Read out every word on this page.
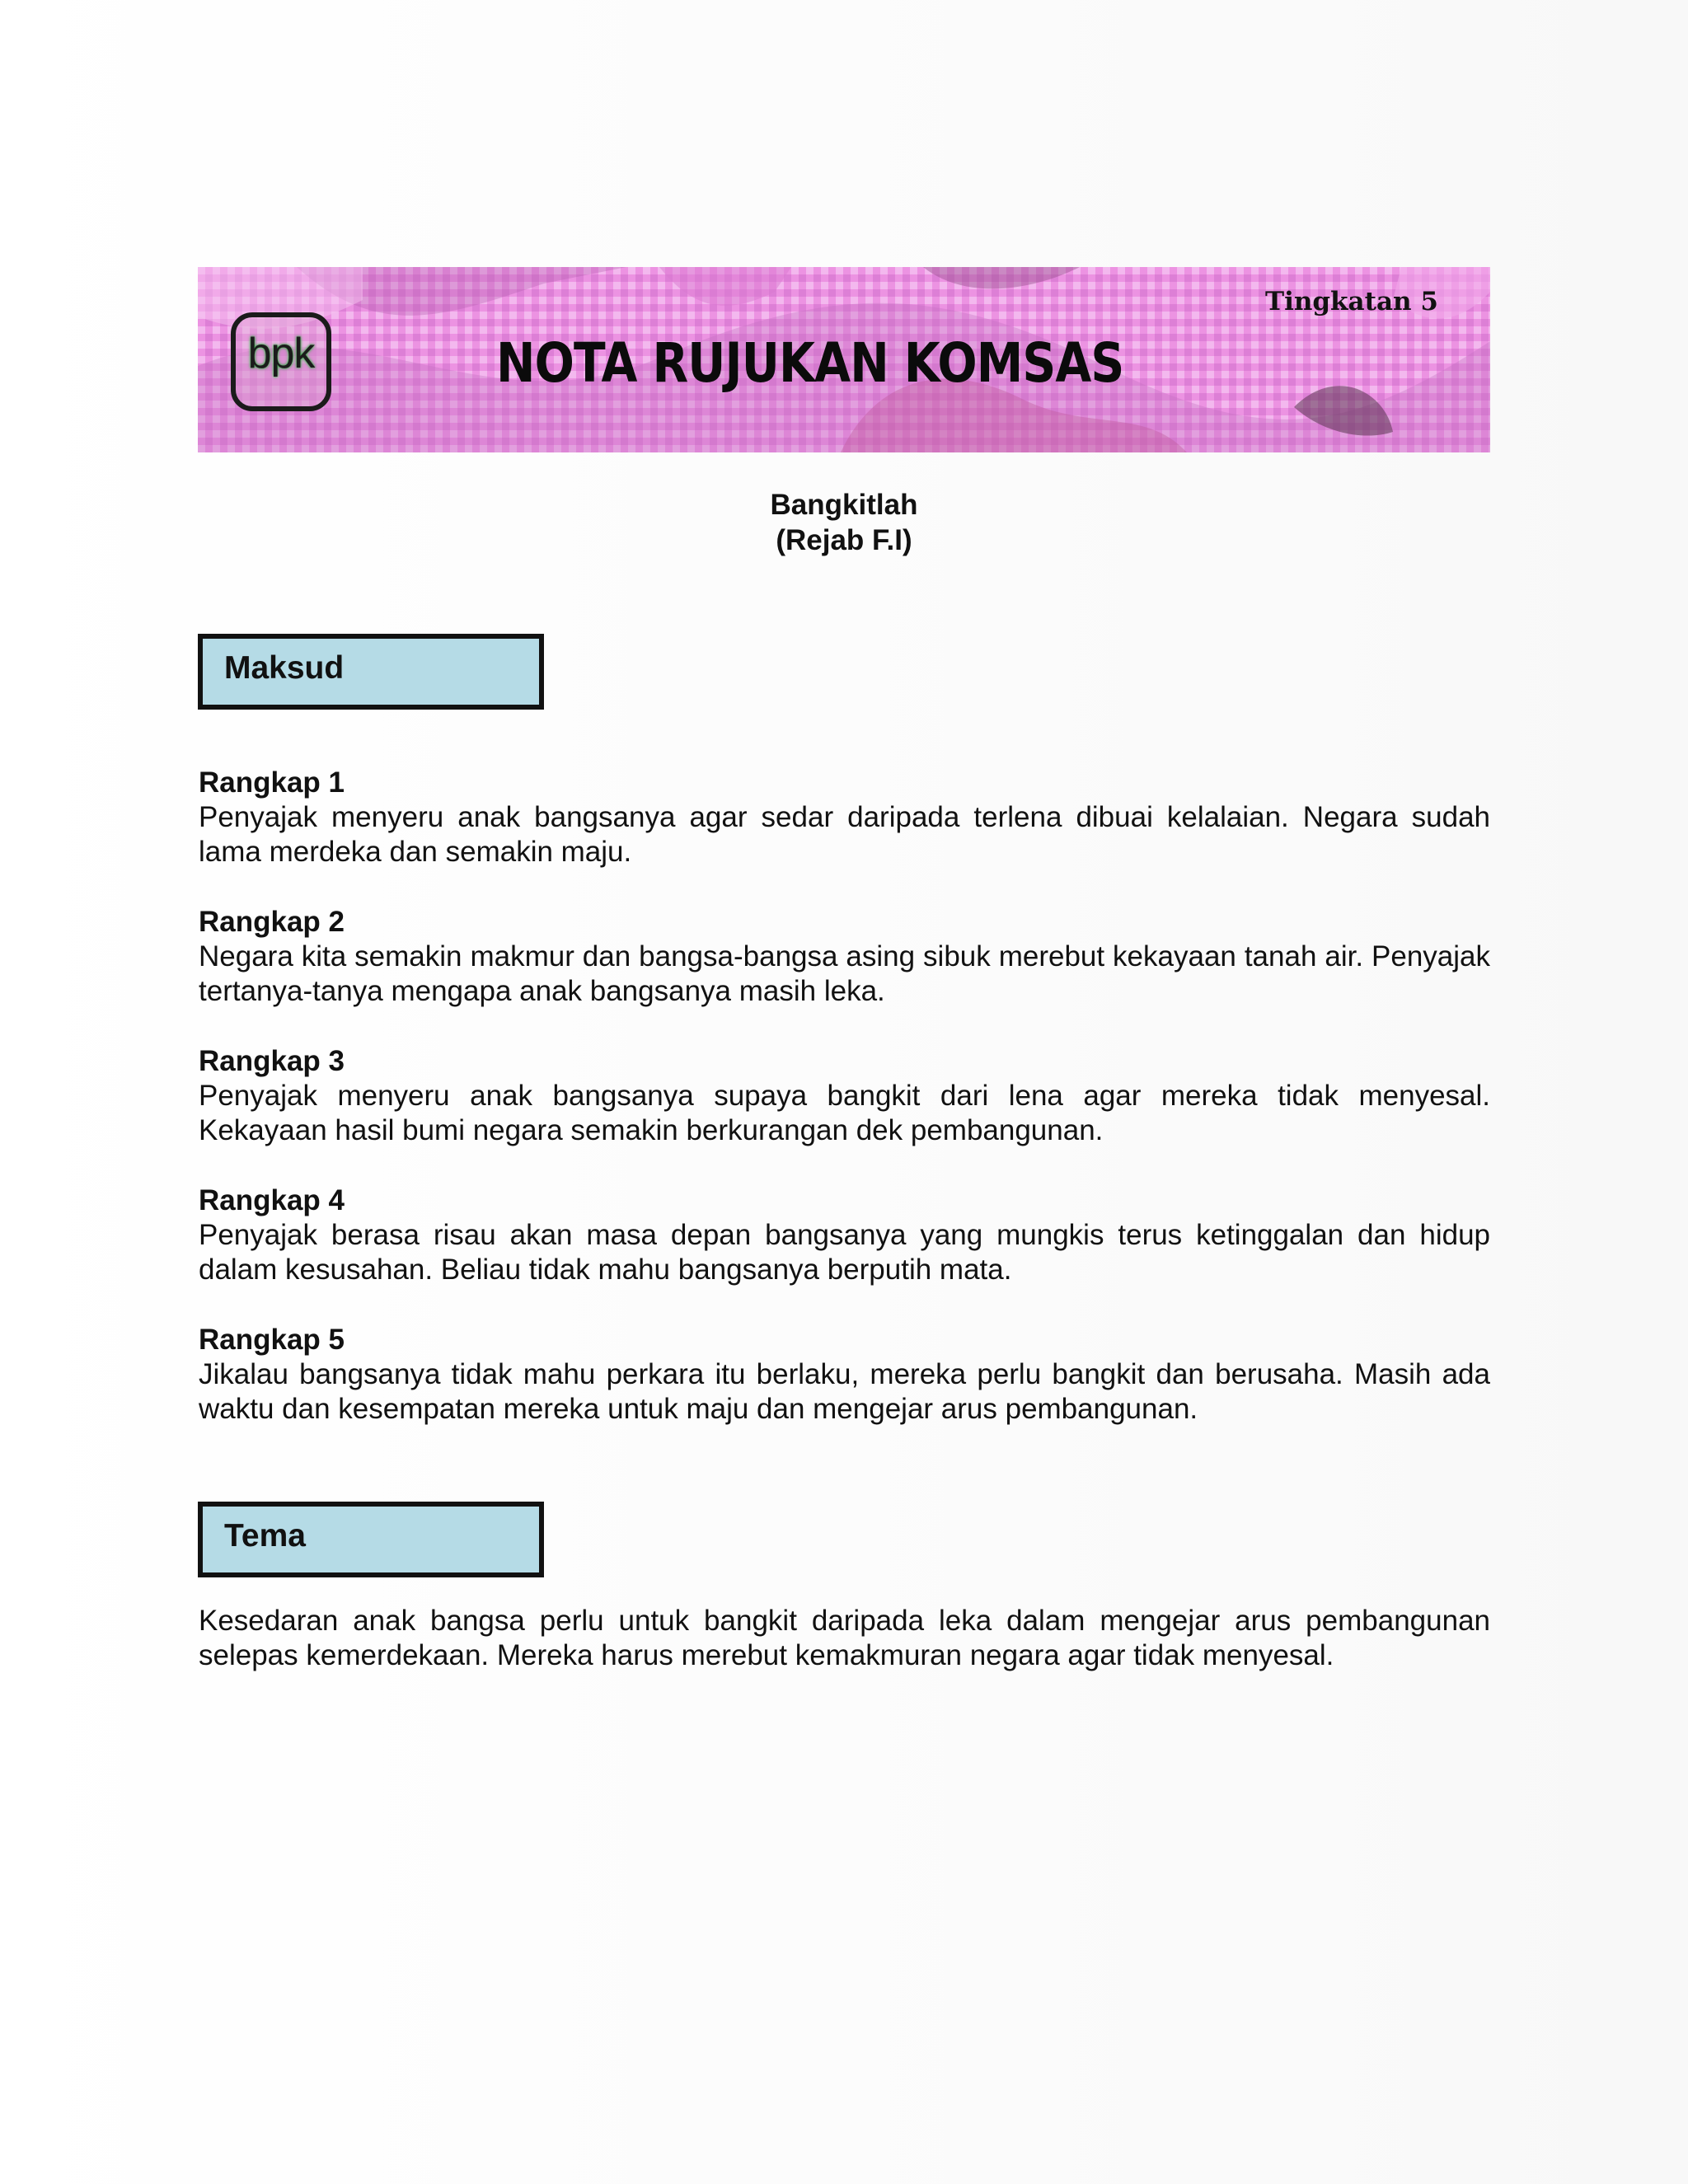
bpk	NOTA RUJUKAN KOMSAS
Tingkatan 5
Bangkitlah
(Rejab F.I)
Maksud
Rangkap 1
Penyajak menyeru anak bangsanya agar sedar daripada terlena dibuai kelalaian. Negara sudah lama merdeka dan semakin maju.
Rangkap 2
Negara kita semakin makmur dan bangsa-bangsa asing sibuk merebut kekayaan tanah air. Penyajak tertanya-tanya mengapa anak bangsanya masih leka.
Rangkap 3
Penyajak menyeru anak bangsanya supaya bangkit dari lena agar mereka tidak menyesal. Kekayaan hasil bumi negara semakin berkurangan dek pembangunan.
Rangkap 4
Penyajak berasa risau akan masa depan bangsanya yang mungkis terus ketinggalan dan hidup dalam kesusahan. Beliau tidak mahu bangsanya berputih mata.
Rangkap 5
Jikalau bangsanya tidak mahu perkara itu berlaku, mereka perlu bangkit dan berusaha. Masih ada waktu dan kesempatan mereka untuk maju dan mengejar arus pembangunan.
Tema
Kesedaran anak bangsa perlu untuk bangkit daripada leka dalam mengejar arus pembangunan selepas kemerdekaan. Mereka harus merebut kemakmuran negara agar tidak menyesal.
